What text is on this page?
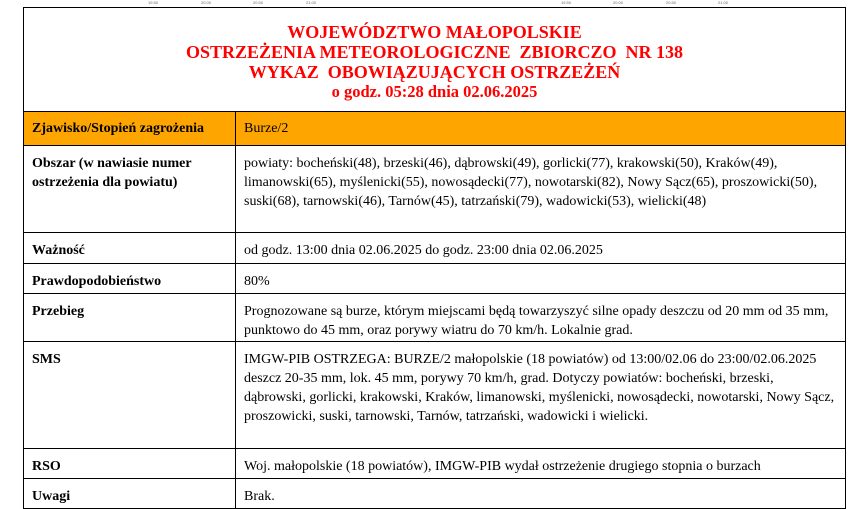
19.50	20.00	20.50	21.00	19.50	20.00	20.50	21.00
WOJEWÓDZTWO MAŁOPOLSKIE
OSTRZEŻENIA METEOROLOGICZNE  ZBIORCZO  NR 138
WYKAZ  OBOWIĄZUJĄCYCH OSTRZEŻEŃ
o godz. 05:28 dnia 02.06.2025
Zjawisko/Stopień zagrożenia	Burze/2
Obszar (w nawiasie numer ostrzeżenia dla powiatu)	powiaty: bocheński(48), brzeski(46), dąbrowski(49), gorlicki(77), krakowski(50), Kraków(49), limanowski(65), myślenicki(55), nowosądecki(77), nowotarski(82), Nowy Sącz(65), proszowicki(50), suski(68), tarnowski(46), Tarnów(45), tatrzański(79), wadowicki(53), wielicki(48)
Ważność	od godz. 13:00 dnia 02.06.2025 do godz. 23:00 dnia 02.06.2025
Prawdopodobieństwo	80%
Przebieg	Prognozowane są burze, którym miejscami będą towarzyszyć silne opady deszczu od 20 mm od 35 mm, punktowo do 45 mm, oraz porywy wiatru do 70 km/h. Lokalnie grad.
SMS	IMGW-PIB OSTRZEGA: BURZE/2 małopolskie (18 powiatów) od 13:00/02.06 do 23:00/02.06.2025 deszcz 20-35 mm, lok. 45 mm, porywy 70 km/h, grad. Dotyczy powiatów: bocheński, brzeski, dąbrowski, gorlicki, krakowski, Kraków, limanowski, myślenicki, nowosądecki, nowotarski, Nowy Sącz, proszowicki, suski, tarnowski, Tarnów, tatrzański, wadowicki i wielicki.
RSO	Woj. małopolskie (18 powiatów), IMGW-PIB wydał ostrzeżenie drugiego stopnia o burzach
Uwagi	Brak.
